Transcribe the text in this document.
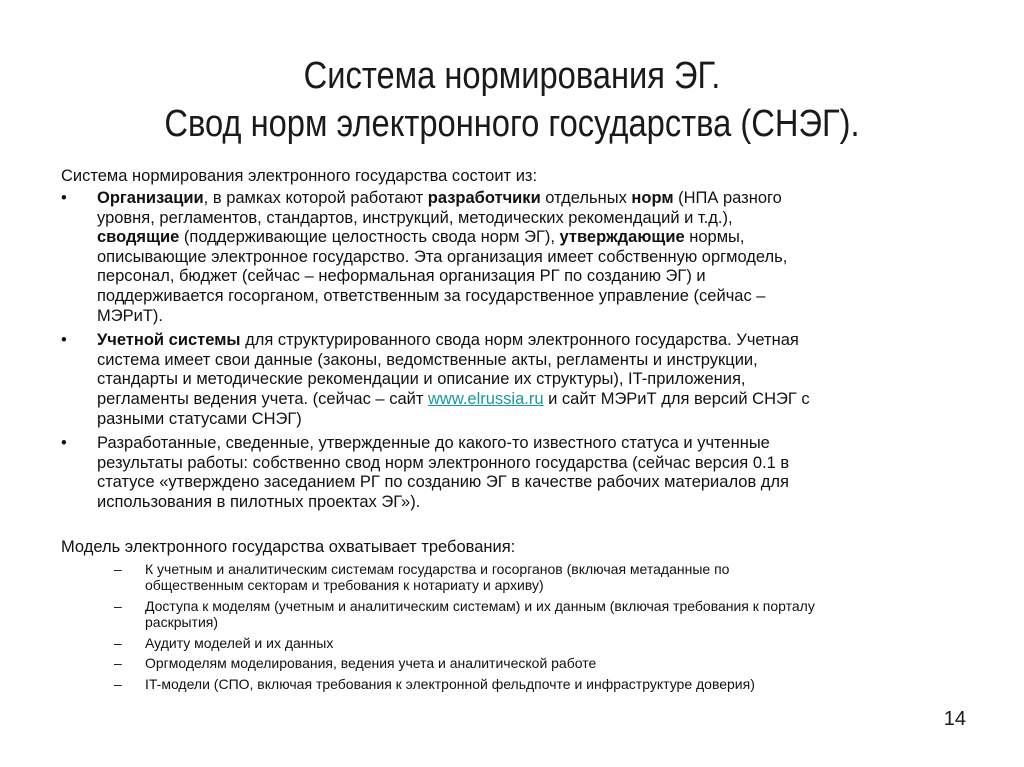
Система нормирования ЭГ.
Свод норм электронного государства (СНЭГ).

Система нормирования электронного государства состоит из:

•	Организации, в рамках которой работают разработчики отдельных норм (НПА разного
уровня, регламентов, стандартов, инструкций, методических рекомендаций и т.д.),
сводящие (поддерживающие целостность свода норм ЭГ), утверждающие нормы,
описывающие электронное государство. Эта организация имеет собственную оргмодель,
персонал, бюджет (сейчас – неформальная организация РГ по созданию ЭГ) и
поддерживается госорганом, ответственным за государственное управление (сейчас –
МЭРиТ).
•	Учетной системы для структурированного свода норм электронного государства. Учетная
система имеет свои данные (законы, ведомственные акты, регламенты и инструкции,
стандарты и методические рекомендации и описание их структуры), IT-приложения,
регламенты ведения учета. (сейчас – сайт www.elrussia.ru и сайт МЭРиТ для версий СНЭГ с
разными статусами СНЭГ)
•	Разработанные, сведенные, утвержденные до какого-то известного статуса и учтенные
результаты работы: собственно свод норм электронного государства (сейчас версия 0.1 в
статусе «утверждено заседанием РГ по созданию ЭГ в качестве рабочих материалов для
использования в пилотных проектах ЭГ»).

Модель электронного государства охватывает требования:

– К учетным и аналитическим системам государства и госорганов (включая метаданные по
общественным секторам и требования к нотариату и архиву)
– Доступа к моделям (учетным и аналитическим системам) и их данным (включая требования к порталу
раскрытия)
– Аудиту моделей и их данных
– Оргмоделям моделирования, ведения учета и аналитической работе
– IT-модели (СПО, включая требования к электронной фельдпочте и инфраструктуре доверия)
14
